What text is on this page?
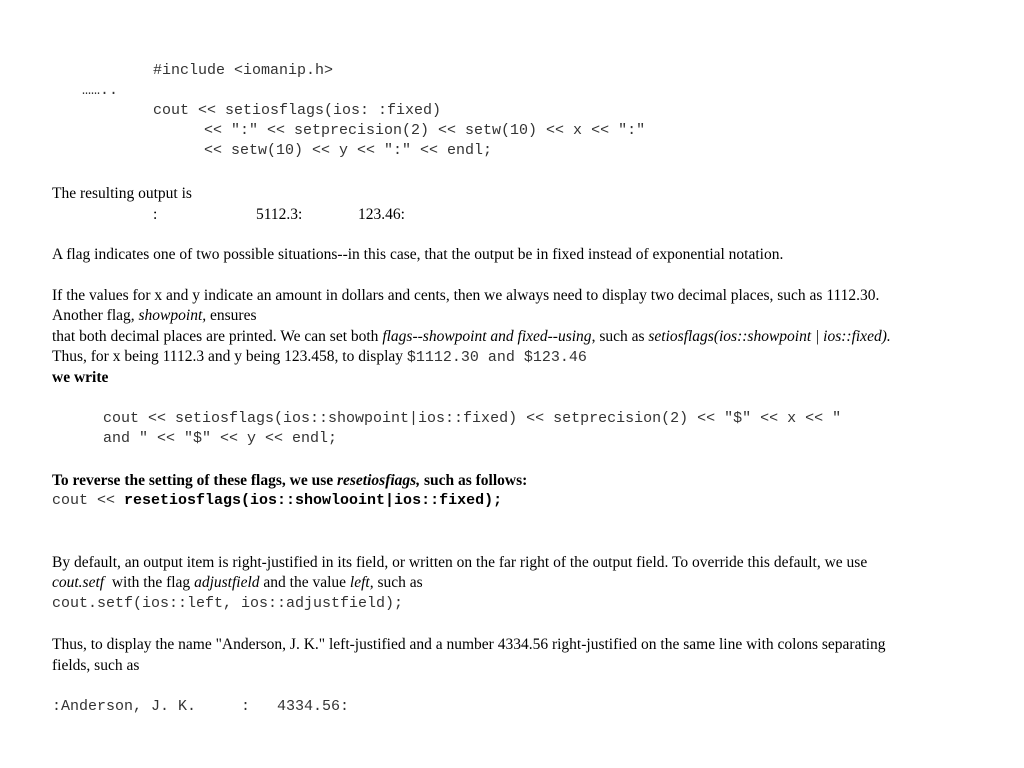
#include <iomanip.h>
……..
cout << setiosflags(ios: :fixed)
<< ":" << setprecision(2) << setw(10) << x << ":"
<< setw(10) << y << ":" << endl;
The resulting output is
:	5112.3:	123.46:
A flag indicates one of two possible situations--in this case, that the output be in fixed instead of exponential notation.
If the values for x and y indicate an amount in dollars and cents, then we always need to display two decimal places, such as 1112.30.
Another flag, showpoint, ensures
that both decimal places are printed. We can set both flags--showpoint and fixed--using, such as setiosflags(ios::showpoint | ios::fixed).
Thus, for x being 1112.3 and y being 123.458, to display $1112.30 and $123.46
we write
cout << setiosflags(ios::showpoint|ios::fixed) << setprecision(2) << "$" << x << "
and " << "$" << y << endl;
To reverse the setting of these flags, we use resetiosfiags, such as follows:
cout << resetiosflags(ios::showlooint|ios::fixed);
By default, an output item is right-justified in its field, or written on the far right of the output field. To override this default, we use
cout.setf  with the flag adjustfield and the value left, such as
cout.setf(ios::left, ios::adjustfield);
Thus, to display the name "Anderson, J. K." left-justified and a number 4334.56 right-justified on the same line with colons separating
fields, such as
:Anderson, J. K.     :   4334.56:
